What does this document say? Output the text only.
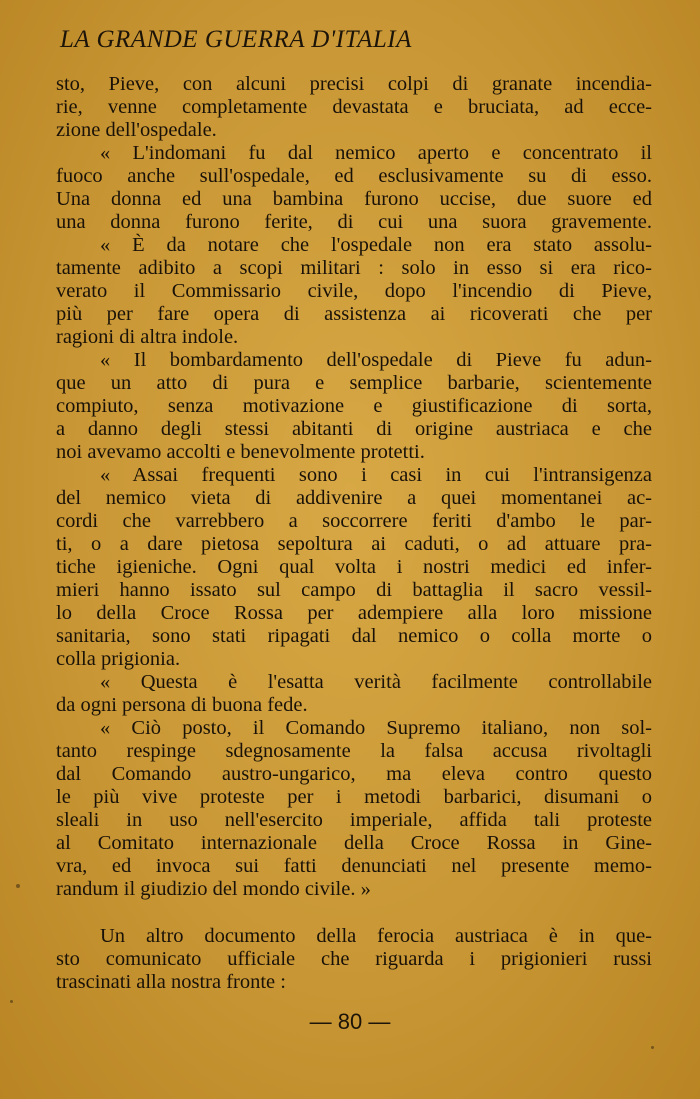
LA GRANDE GUERRA D'ITALIA
sto, Pieve, con alcuni precisi colpi di granate incendia-
rie, venne completamente devastata e bruciata, ad ecce-
zione dell'ospedale.
« L'indomani fu dal nemico aperto e concentrato il
fuoco anche sull'ospedale, ed esclusivamente su di esso.
Una donna ed una bambina furono uccise, due suore ed
una donna furono ferite, di cui una suora gravemente.
« È da notare che l'ospedale non era stato assolu-
tamente adibito a scopi militari : solo in esso si era rico-
verato il Commissario civile, dopo l'incendio di Pieve,
più per fare opera di assistenza ai ricoverati che per
ragioni di altra indole.
« Il bombardamento dell'ospedale di Pieve fu adun-
que un atto di pura e semplice barbarie, scientemente
compiuto, senza motivazione e giustificazione di sorta,
a danno degli stessi abitanti di origine austriaca e che
noi avevamo accolti e benevolmente protetti.
« Assai frequenti sono i casi in cui l'intransigenza
del nemico vieta di addivenire a quei momentanei ac-
cordi che varrebbero a soccorrere feriti d'ambo le par-
ti, o a dare pietosa sepoltura ai caduti, o ad attuare pra-
tiche igieniche. Ogni qual volta i nostri medici ed infer-
mieri hanno issato sul campo di battaglia il sacro vessil-
lo della Croce Rossa per adempiere alla loro missione
sanitaria, sono stati ripagati dal nemico o colla morte o
colla prigionia.
« Questa è l'esatta verità facilmente controllabile
da ogni persona di buona fede.
« Ciò posto, il Comando Supremo italiano, non sol-
tanto respinge sdegnosamente la falsa accusa rivoltagli
dal Comando austro-ungarico, ma eleva contro questo
le più vive proteste per i metodi barbarici, disumani o
sleali in uso nell'esercito imperiale, affida tali proteste
al Comitato internazionale della Croce Rossa in Gine-
vra, ed invoca sui fatti denunciati nel presente memo-
randum il giudizio del mondo civile. »
Un altro documento della ferocia austriaca è in que-
sto comunicato ufficiale che riguarda i prigionieri russi
trascinati alla nostra fronte :
— 80 —
